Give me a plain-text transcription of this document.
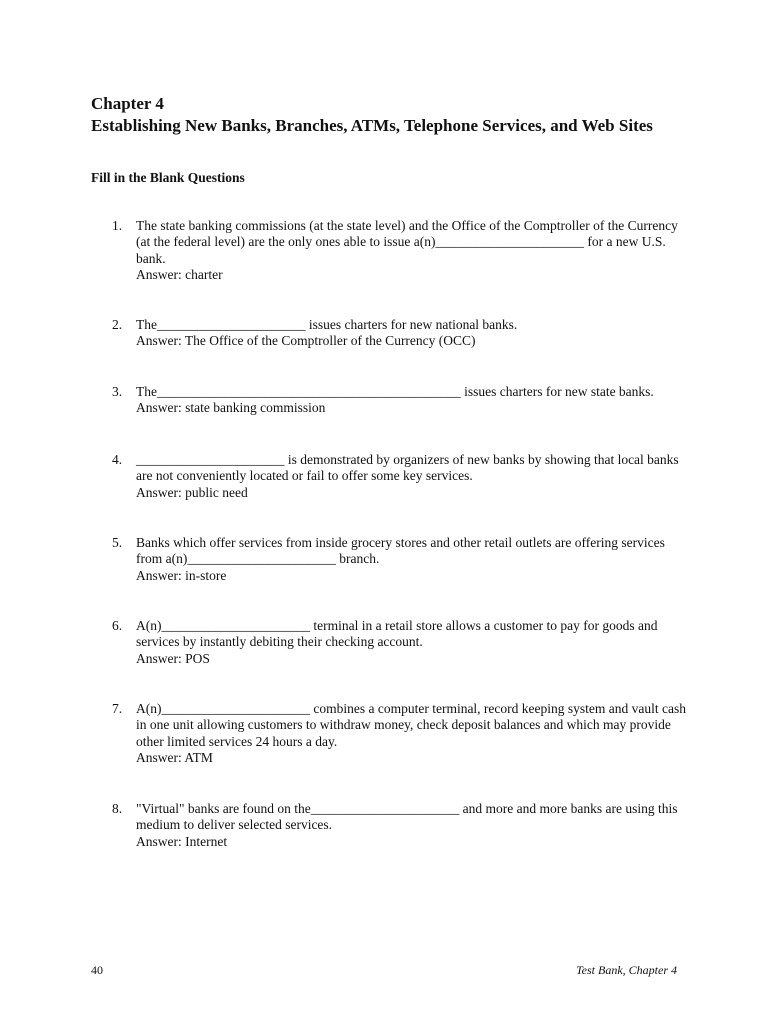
Chapter 4
Establishing New Banks, Branches, ATMs, Telephone Services, and Web Sites
Fill in the Blank Questions
1.	The state banking commissions (at the state level) and the Office of the Comptroller of the Currency (at the federal level) are the only ones able to issue a(n)______________________ for a new U.S. bank.
Answer: charter
2.	The______________________ issues charters for new national banks.
Answer: The Office of the Comptroller of the Currency (OCC)
3.	The_____________________________________________ issues charters for new state banks.
Answer: state banking commission
4.	______________________ is demonstrated by organizers of new banks by showing that local banks are not conveniently located or fail to offer some key services.
Answer: public need
5.	Banks which offer services from inside grocery stores and other retail outlets are offering services from a(n)______________________ branch.
Answer: in-store
6.	A(n)______________________ terminal in a retail store allows a customer to pay for goods and services by instantly debiting their checking account.
Answer: POS
7.	A(n)______________________ combines a computer terminal, record keeping system and vault cash in one unit allowing customers to withdraw money, check deposit balances and which may provide other limited services 24 hours a day.
Answer: ATM
8.	"Virtual" banks are found on the______________________ and more and more banks are using this medium to deliver selected services.
Answer: Internet
40	Test Bank, Chapter 4
